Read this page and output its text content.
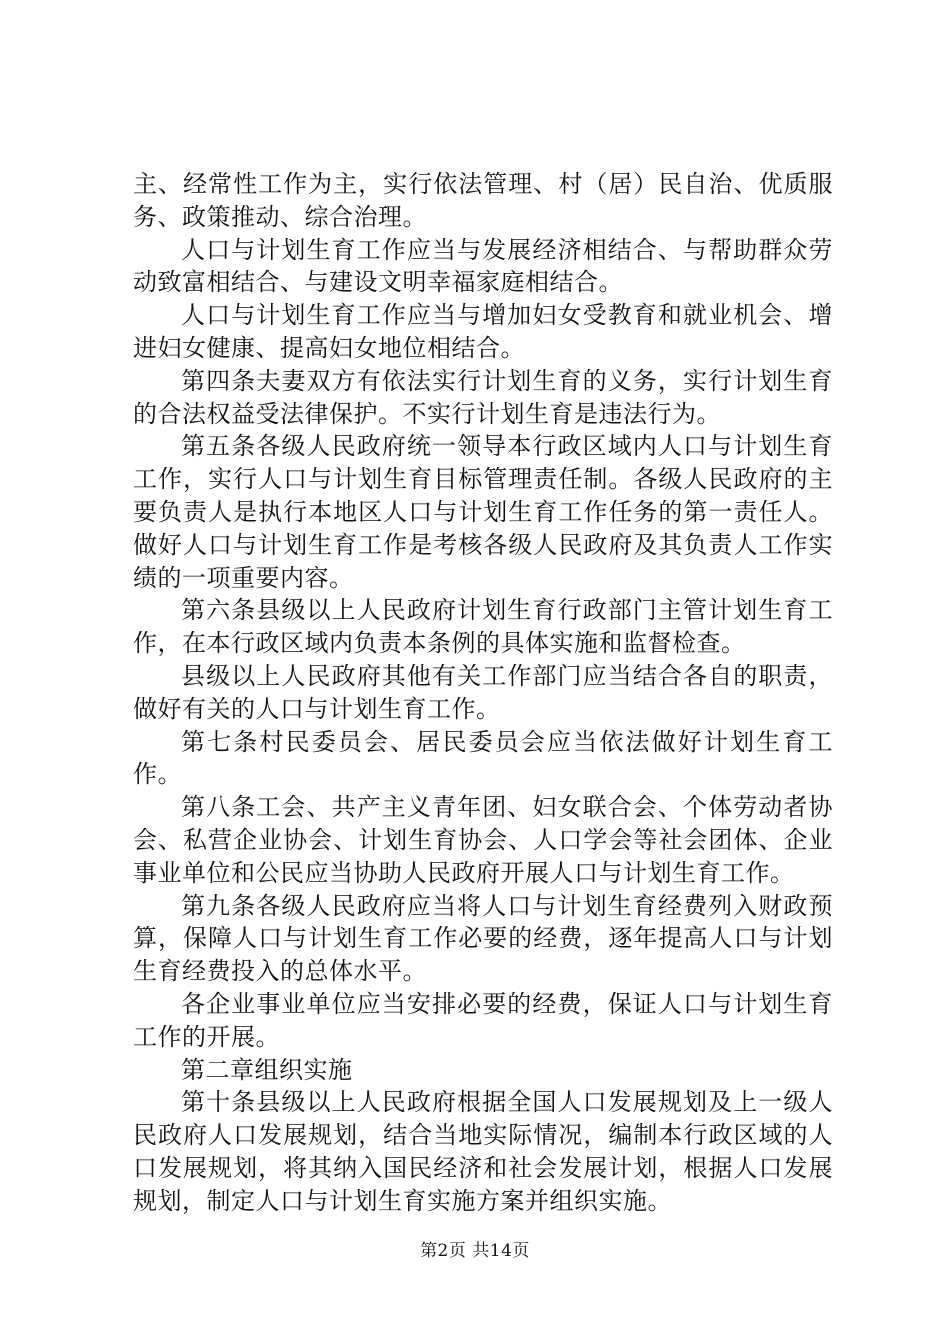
主、经常性工作为主，实行依法管理、村（居）民自治、优质服务、政策推动、综合治理。

人口与计划生育工作应当与发展经济相结合、与帮助群众劳动致富相结合、与建设文明幸福家庭相结合。

人口与计划生育工作应当与增加妇女受教育和就业机会、增进妇女健康、提高妇女地位相结合。

第四条夫妻双方有依法实行计划生育的义务，实行计划生育的合法权益受法律保护。不实行计划生育是违法行为。

第五条各级人民政府统一领导本行政区域内人口与计划生育工作，实行人口与计划生育目标管理责任制。各级人民政府的主要负责人是执行本地区人口与计划生育工作任务的第一责任人。做好人口与计划生育工作是考核各级人民政府及其负责人工作实绩的一项重要内容。

第六条县级以上人民政府计划生育行政部门主管计划生育工作，在本行政区域内负责本条例的具体实施和监督检查。

县级以上人民政府其他有关工作部门应当结合各自的职责，做好有关的人口与计划生育工作。

第七条村民委员会、居民委员会应当依法做好计划生育工作。

第八条工会、共产主义青年团、妇女联合会、个体劳动者协会、私营企业协会、计划生育协会、人口学会等社会团体、企业事业单位和公民应当协助人民政府开展人口与计划生育工作。

第九条各级人民政府应当将人口与计划生育经费列入财政预算，保障人口与计划生育工作必要的经费，逐年提高人口与计划生育经费投入的总体水平。

各企业事业单位应当安排必要的经费，保证人口与计划生育工作的开展。

第二章组织实施

第十条县级以上人民政府根据全国人口发展规划及上一级人民政府人口发展规划，结合当地实际情况，编制本行政区域的人口发展规划，将其纳入国民经济和社会发展计划，根据人口发展规划，制定人口与计划生育实施方案并组织实施。

第2页 共14页
